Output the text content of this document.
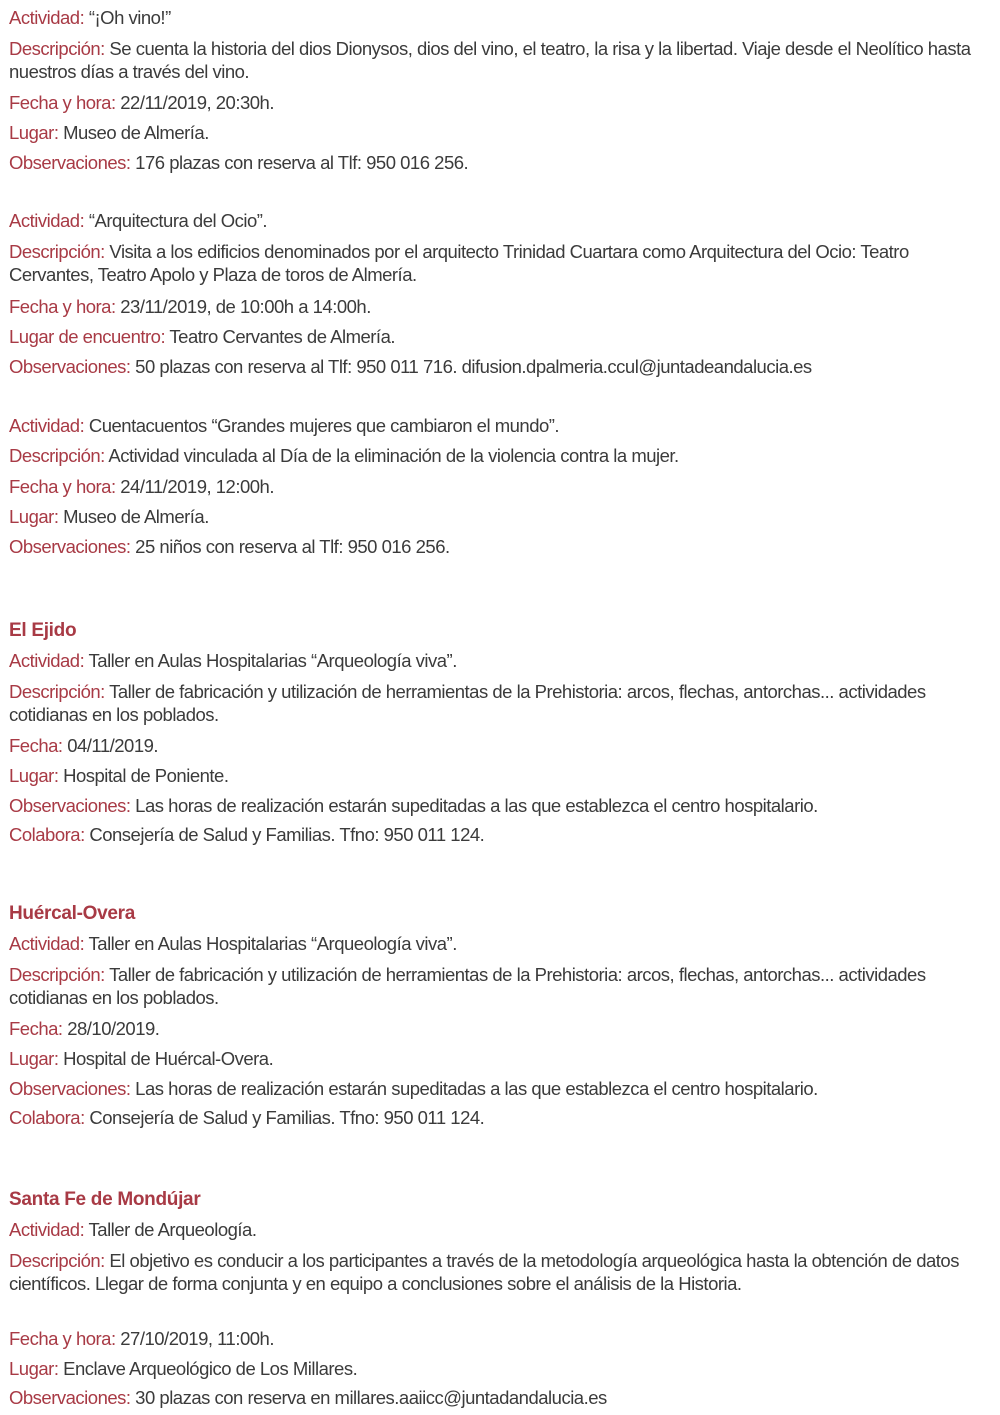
Actividad: “¡Oh vino!”
Descripción: Se cuenta la historia del dios Dionysos, dios del vino, el teatro, la risa y la libertad. Viaje desde el Neolítico hasta nuestros días a través del vino.
Fecha y hora: 22/11/2019, 20:30h.
Lugar: Museo de Almería.
Observaciones: 176 plazas con reserva al Tlf: 950 016 256.
Actividad: “Arquitectura del Ocio”.
Descripción: Visita a los edificios denominados por el arquitecto Trinidad Cuartara como Arquitectura del Ocio: Teatro Cervantes, Teatro Apolo y Plaza de toros de Almería.
Fecha y hora: 23/11/2019, de 10:00h a 14:00h.
Lugar de encuentro: Teatro Cervantes de Almería.
Observaciones: 50 plazas con reserva al Tlf: 950 011 716. difusion.dpalmeria.ccul@juntadeandalucia.es
Actividad: Cuentacuentos “Grandes mujeres que cambiaron el mundo”.
Descripción: Actividad vinculada al Día de la eliminación de la violencia contra la mujer.
Fecha y hora: 24/11/2019, 12:00h.
Lugar: Museo de Almería.
Observaciones: 25 niños con reserva al Tlf: 950 016 256.
El Ejido
Actividad: Taller en Aulas Hospitalarias “Arqueología viva”.
Descripción: Taller de fabricación y utilización de herramientas de la Prehistoria: arcos, flechas, antorchas... actividades cotidianas en los poblados.
Fecha: 04/11/2019.
Lugar: Hospital de Poniente.
Observaciones: Las horas de realización estarán supeditadas a las que establezca el centro hospitalario.
Colabora: Consejería de Salud y Familias. Tfno: 950 011 124.
Huércal-Overa
Actividad: Taller en Aulas Hospitalarias “Arqueología viva”.
Descripción: Taller de fabricación y utilización de herramientas de la Prehistoria: arcos, flechas, antorchas... actividades cotidianas en los poblados.
Fecha: 28/10/2019.
Lugar: Hospital de Huércal-Overa.
Observaciones: Las horas de realización estarán supeditadas a las que establezca el centro hospitalario.
Colabora: Consejería de Salud y Familias. Tfno: 950 011 124.
Santa Fe de Mondújar
Actividad: Taller de Arqueología.
Descripción: El objetivo es conducir a los participantes a través de la metodología arqueológica hasta la obtención de datos científicos. Llegar de forma conjunta y en equipo a conclusiones sobre el análisis de la Historia.
Fecha y hora: 27/10/2019, 11:00h.
Lugar: Enclave Arqueológico de Los Millares.
Observaciones: 30 plazas con reserva en millares.aaiicc@juntadandalucia.es
